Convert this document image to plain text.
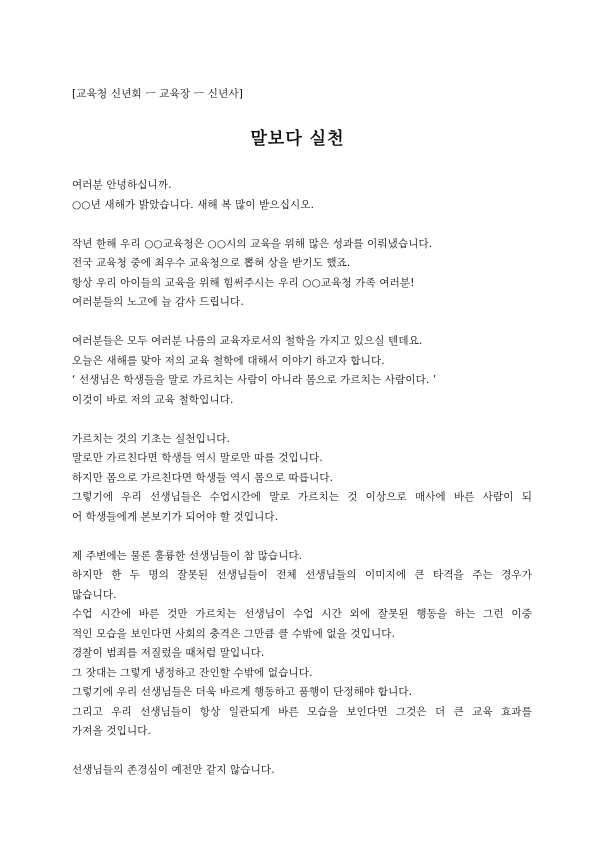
[교육청 신년회 ㅡ 교육장 ㅡ 신년사]
말보다 실천
여러분 안녕하십니까.
○○년 새해가 밝았습니다. 새해 복 많이 받으십시오.
작년 한해 우리 ○○교육청은 ○○시의 교육을 위해 많은 성과를 이뤄냈습니다.
전국 교육청 중에 최우수 교육청으로 뽑혀 상을 받기도 했죠.
항상 우리 아이들의 교육을 위해 힘써주시는 우리 ○○교육청 가족 여러분!
여러분들의 노고에 늘 감사 드립니다.
여러분들은 모두 여러분 나름의 교육자로서의 철학을 가지고 있으실 텐데요.
오늘은 새해를 맞아 저의 교육 철학에 대해서 이야기 하고자 합니다.
‘ 선생님은 학생들을 말로 가르치는 사람이 아니라 몸으로 가르치는 사람이다. ’
이것이 바로 저의 교육 철학입니다.
가르치는 것의 기초는 실천입니다.
말로만 가르친다면 학생들 역시 말로만 따를 것입니다.
하지만 몸으로 가르친다면 학생들 역시 몸으로 따릅니다.
그렇기에 우리 선생님들은 수업시간에 말로 가르치는 것 이상으로 매사에 바른 사람이 되
어 학생들에게 본보기가 되어야 할 것입니다.
제 주변에는 물론 훌륭한 선생님들이 참 많습니다.
하지만 한 두 명의 잘못된 선생님들이 전체 선생님들의 이미지에 큰 타격을 주는 경우가
많습니다.
수업 시간에 바른 것만 가르치는 선생님이 수업 시간 외에 잘못된 행동을 하는 그런 이중
적인 모습을 보인다면 사회의 충격은 그만큼 클 수밖에 없을 것입니다.
경찰이 범죄를 저질렀을 때처럼 말입니다.
그 잣대는 그렇게 냉정하고 잔인할 수밖에 없습니다.
그렇기에 우리 선생님들은 더욱 바르게 행동하고 품행이 단정해야 합니다.
그리고 우리 선생님들이 항상 일관되게 바른 모습을 보인다면 그것은 더 큰 교육 효과를
가져올 것입니다.
선생님들의 존경심이 예전만 같지 않습니다.
